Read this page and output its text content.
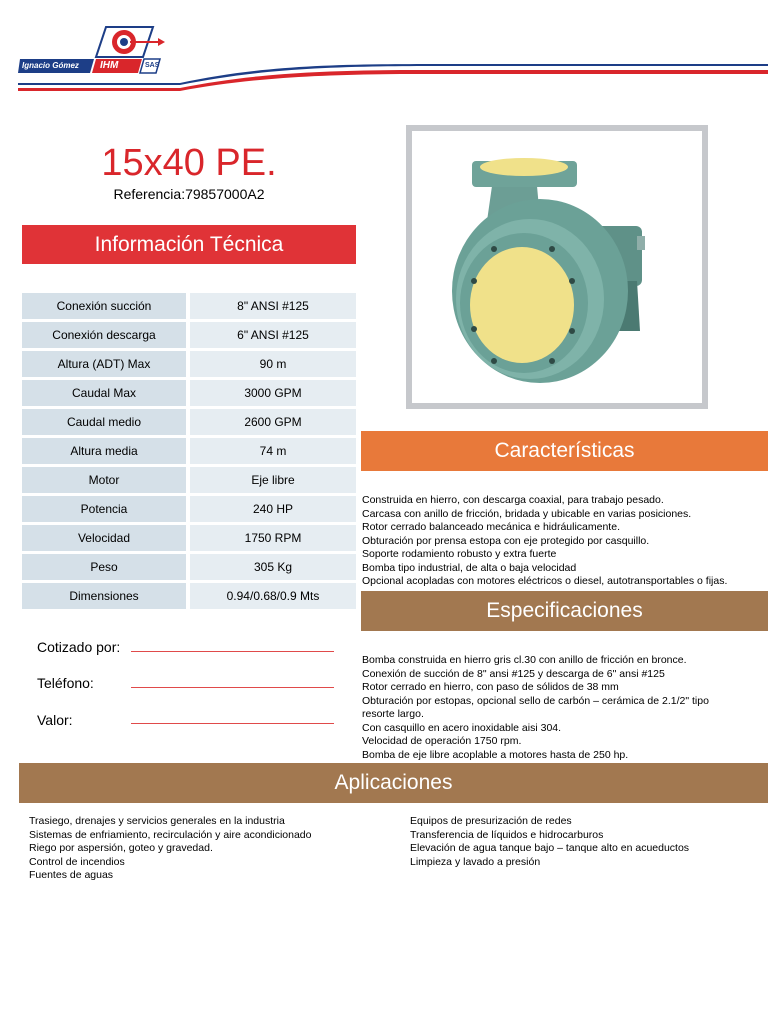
Ignacio Gómez IHM	SAS
15x40 PE.
Referencia:79857000A2
Información Técnica
Conexión succión		8" ANSI #125
Conexión descarga		6" ANSI #125
Altura (ADT) Max		90 m
Caudal Max		3000 GPM
Caudal medio		2600 GPM
Altura media		74 m
Motor		Eje libre
Potencia		240 HP
Velocidad		1750 RPM
Peso		305 Kg
Dimensiones		0.94/0.68/0.9 Mts
Cotizado por:
Teléfono:
Valor:
Características
Construida en hierro, con descarga coaxial, para trabajo pesado.
Carcasa con anillo de fricción, bridada y ubicable en varias posiciones.
Rotor cerrado balanceado mecánica e hidráulicamente.
Obturación por prensa estopa con eje protegido por casquillo.
Soporte rodamiento robusto y extra fuerte
Bomba tipo industrial, de alta o baja velocidad
Opcional acopladas con motores eléctricos o diesel, autotransportables o fijas.
Especificaciones
Bomba construida en hierro gris cl.30 con anillo de fricción en bronce.
Conexión de succión de 8" ansi #125 y descarga de 6" ansi #125
Rotor cerrado en hierro, con paso de sólidos de 38 mm
Obturación por estopas, opcional sello de carbón – cerámica de 2.1/2" tipo
resorte largo.
Con casquillo en acero inoxidable aisi 304.
Velocidad de operación 1750 rpm.
Bomba de eje libre acoplable a motores hasta de 250 hp.
Aplicaciones
Trasiego, drenajes y servicios generales en la industria
Sistemas de enfriamiento, recirculación y aire acondicionado
Riego por aspersión, goteo y gravedad.
Control de incendios
Fuentes de aguas
Equipos de presurización de redes
Transferencia de líquidos e hidrocarburos
Elevación de agua tanque bajo – tanque alto en acueductos
Limpieza y lavado a presión
